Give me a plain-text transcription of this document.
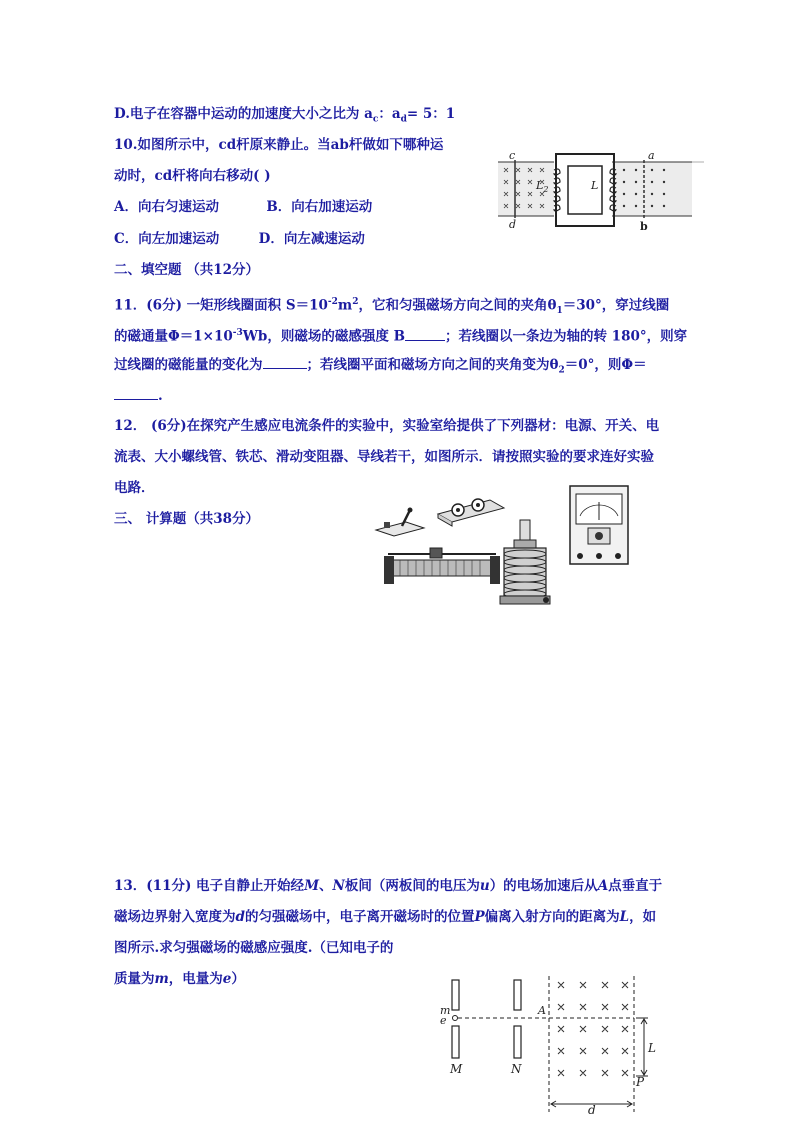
D.电子在容器中运动的加速度大小之比为 $a_c$：$a_d= 5$：1
10.如图所示中，cd杆原来静止。当ab杆做如下哪种运
动时，cd杆将向右移动( )
A．向右匀速运动	B．向右加速运动
C．向左加速运动	D．向左减速运动
c
d
a
b
$L_2$	L
二、填空题 （共12分）
11．(6分) 一矩形线圈面积 $S=10^{-2}m^2$，它和匀强磁场方向之间的夹角$\theta_1=30^\circ$，穿过线圈
的磁通量$\Phi=1\times 10^{-3}Wb$，则磁场的磁感强度 B	；若线圈以一条边为轴的转 180°，则穿
过线圈的磁能量的变化为	；若线圈平面和磁场方向之间的夹角变为$\theta_2=0^\circ$，则Φ＝
.
12． (6分)在探究产生感应电流条件的实验中，实验室给提供了下列器材：电源、开关、电
流表、大小螺线管、铁芯、滑动变阻器、导线若干，如图所示．请按照实验的要求连好实验
电路．
三、 计算题（共38分）
13．(11分) 电子自静止开始经M、N板间（两板间的电压为u）的电场加速后从A点垂直于
磁场边界射入宽度为d的匀强磁场中，电子离开磁场时的位置P偏离入射方向的距离为L，如
图所示.求匀强磁场的磁感应强度.（已知电子的
质量为m，电量为e）
m
e
M	N
A
L
P
d
